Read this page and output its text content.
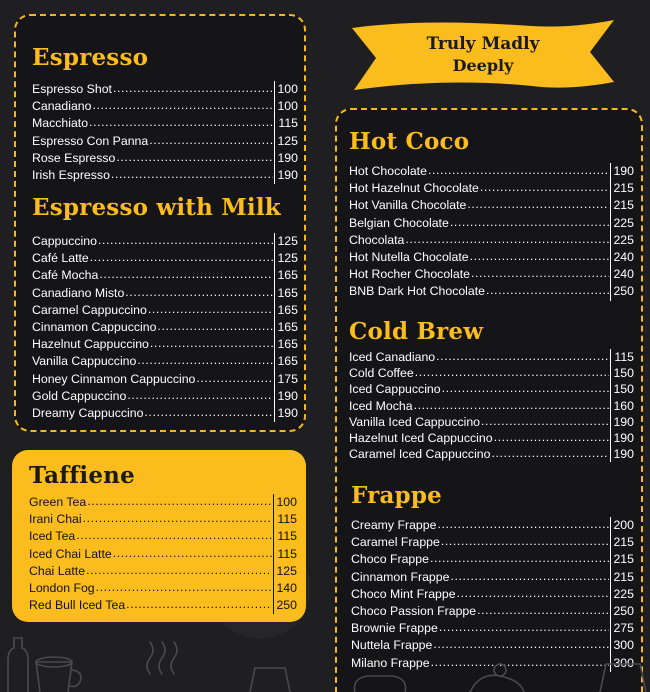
Truly Madly
Deeply
Espresso
Espresso Shot .....	100
Canadiano .....	100
Macchiato .....	115
Espresso Con Panna .....	125
Rose Espresso .....	190
Irish Espresso .....	190
Espresso with Milk
Cappuccino .....	125
Café Latte .....	125
Café Mocha .....	165
Canadiano Misto .....	165
Caramel Cappuccino .....	165
Cinnamon Cappuccino .....	165
Hazelnut Cappuccino .....	165
Vanilla Cappuccino .....	165
Honey Cinnamon Cappuccino .....	175
Gold Cappuccino .....	190
Dreamy Cappuccino .....	190
Taffiene
Green Tea .....	100
Irani Chai .....	115
Iced Tea .....	115
Iced Chai Latte .....	115
Chai Latte .....	125
London Fog .....	140
Red Bull Iced Tea .....	250
Hot Coco
Hot Chocolate .....	190
Hot Hazelnut Chocolate .....	215
Hot Vanilla Chocolate .....	215
Belgian Chocolate .....	225
Chocolata .....	225
Hot Nutella Chocolate .....	240
Hot Rocher Chocolate .....	240
BNB Dark Hot Chocolate .....	250
Cold Brew
Iced Canadiano .....	115
Cold Coffee .....	150
Iced Cappuccino .....	150
Iced Mocha .....	160
Vanilla Iced Cappuccino .....	190
Hazelnut Iced Cappuccino .....	190
Caramel Iced Cappuccino .....	190
Frappe
Creamy Frappe .....	200
Caramel Frappe .....	215
Choco Frappe .....	215
Cinnamon Frappe .....	215
Choco Mint Frappe .....	225
Choco Passion Frappe .....	250
Brownie Frappe .....	275
Nuttela Frappe .....	300
Milano Frappe .....	300
